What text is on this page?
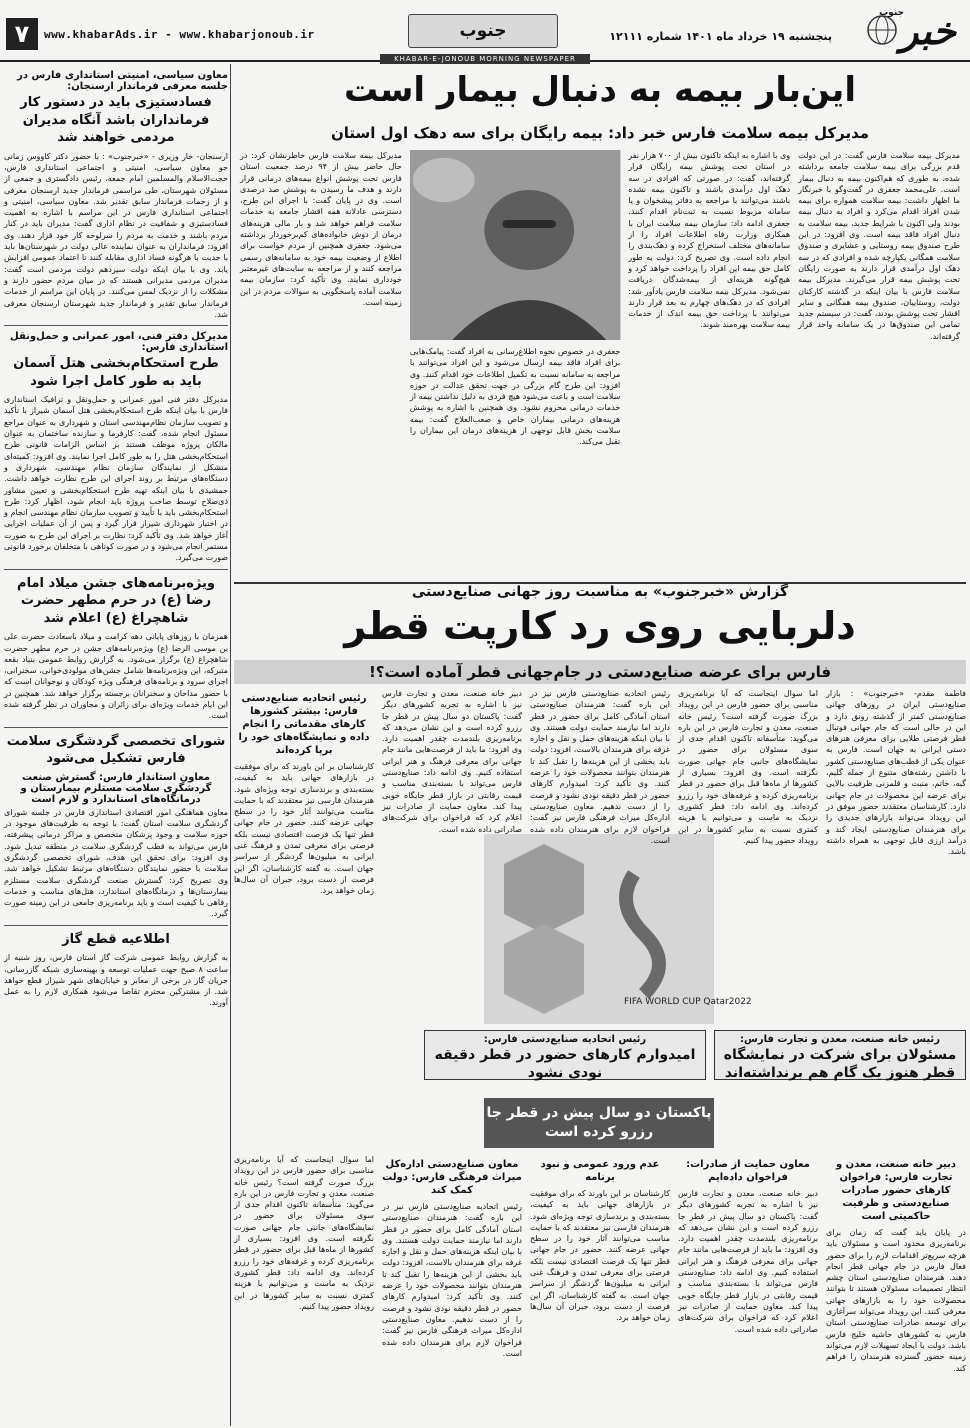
۷	www.khabarAds.ir - www.khabarjonoub.ir	جنوب
KHABAR-E-JONOUB MORNING NEWSPAPER
پنجشنبه ۱۹ خرداد ماه ۱۴۰۱ شماره ۱۲۱۱۱ خبر
جنوب
معاون سیاسی، امنیتی استانداری فارس در جلسه معرفی فرماندار ارسنجان:
فسادستیزی باید در دستور کار فرمانداران باشد آنگاه مدیران مردمی خواهند شد
ارسنجان- خار وزیری - «خبرجنوب» : با حضور دکتر کاووس زمانی جو معاون سیاسی، امنیتی و اجتماعی استانداری فارس، حجت‌الاسلام والمسلمین امام جمعه، رئیس دادگستری و جمعی از مسئولان شهرستان، طی مراسمی فرماندار جدید ارسنجان معرفی و از زحمات فرماندار سابق تقدیر شد. معاون سیاسی، امنیتی و اجتماعی استانداری فارس در این مراسم با اشاره به اهمیت فسادستیزی و شفافیت در نظام اداری گفت: مدیران باید در کنار مردم باشند و خدمت به مردم را سرلوحه کار خود قرار دهند. وی افزود: فرمانداران به عنوان نماینده عالی دولت در شهرستان‌ها باید با جدیت با هرگونه فساد اداری مقابله کنند تا اعتماد عمومی افزایش یابد. وی با بیان اینکه دولت سیزدهم دولت مردمی است گفت: مدیران مردمی مدیرانی هستند که در میان مردم حضور دارند و مشکلات را از نزدیک لمس می‌کنند. در پایان این مراسم از خدمات فرماندار سابق تقدیر و فرماندار جدید شهرستان ارسنجان معرفی شد.
مدیرکل دفتر فنی، امور عمرانی و حمل‌ونقل استانداری فارس:
طرح استحکام‌بخشی هتل آسمان باید به طور کامل اجرا شود
مدیرکل دفتر فنی امور عمرانی و حمل‌ونقل و ترافیک استانداری فارس با بیان اینکه طرح استحکام‌بخشی هتل آسمان شیراز با تأکید و تصویب سازمان نظام‌مهندسی استان و شهرداری به عنوان مراجع مسئول انجام شده، گفت: کارفرما و سازنده ساختمان به عنوان مالکان پروژه موظف هستند بر اساس الزامات قانونی طرح استحکام‌بخشی هتل را به طور کامل اجرا نمایند. وی افزود: کمیته‌ای متشکل از نمایندگان سازمان نظام مهندسی، شهرداری و دستگاه‌های مرتبط بر روند اجرای این طرح نظارت خواهد داشت. جمشیدی با بیان اینکه تهیه طرح استحکام‌بخشی و تعیین مشاور ذی‌صلاح توسط صاحب پروژه باید انجام شود، اظهار کرد: طرح استحکام‌بخشی باید با تأیید و تصویب سازمان نظام مهندسی انجام و در اختیار شهرداری شیراز قرار گیرد و پس از آن عملیات اجرایی آغاز خواهد شد. وی تأکید کرد: نظارت بر اجرای این طرح به صورت مستمر انجام می‌شود و در صورت کوتاهی با متخلفان برخورد قانونی صورت می‌گیرد.
ویژه‌برنامه‌های جشن میلاد امام رضا (ع) در حرم مطهر حضرت شاهچراغ (ع) اعلام شد
همزمان با روزهای پایانی دهه کرامت و میلاد باسعادت حضرت علی بن موسی الرضا (ع) ویژه‌برنامه‌های جشن در حرم مطهر حضرت شاهچراغ (ع) برگزار می‌شود. به گزارش روابط عمومی بنیاد بقعه متبرکه، این ویژه‌برنامه‌ها شامل جشن‌های مولودی‌خوانی، سخنرانی، اجرای سرود و برنامه‌های فرهنگی ویژه کودکان و نوجوانان است که با حضور مداحان و سخنرانان برجسته برگزار خواهد شد. همچنین در این ایام خدمات ویژه‌ای برای زائران و مجاوران در نظر گرفته شده است.
شورای تخصصی گردشگری سلامت فارس تشکیل می‌شود
معاون استاندار فارس: گسترش صنعت گردشگری سلامت مستلزم بیمارستان و درمانگاه‌های استاندارد و لازم است
معاون هماهنگی امور اقتصادی استانداری فارس در جلسه شورای گردشگری سلامت استان گفت: با توجه به ظرفیت‌های موجود در حوزه سلامت و وجود پزشکان متخصص و مراکز درمانی پیشرفته، فارس می‌تواند به قطب گردشگری سلامت در منطقه تبدیل شود. وی افزود: برای تحقق این هدف، شورای تخصصی گردشگری سلامت با حضور نمایندگان دستگاه‌های مرتبط تشکیل خواهد شد. وی تصریح کرد: گسترش صنعت گردشگری سلامت مستلزم بیمارستان‌ها و درمانگاه‌های استاندارد، هتل‌های مناسب و خدمات رفاهی با کیفیت است و باید برنامه‌ریزی جامعی در این زمینه صورت گیرد.
اطلاعیه قطع گاز
به گزارش روابط عمومی شرکت گاز استان فارس، روز شنبه از ساعت ۸ صبح جهت عملیات توسعه و بهینه‌سازی شبکه گازرسانی، جریان گاز در برخی از معابر و خیابان‌های شهر شیراز قطع خواهد شد. از مشترکین محترم تقاضا می‌شود همکاری لازم را به عمل آورند.
این‌بار بیمه به دنبال بیمار است
مدیرکل بیمه سلامت فارس خبر داد: بیمه رایگان برای سه دهک اول استان
مدیرکل بیمه سلامت فارس گفت: در این دولت قدم بزرگی برای بیمه سلامت جامعه برداشته شده، به طوری که هم‌اکنون بیمه به دنبال بیمار است. علی‌محمد جعفری در گفت‌وگو با خبرنگار ما اظهار داشت: بیمه سلامت همواره برای بیمه شدن افراد اقدام می‌کرد و افراد به دنبال بیمه بودند ولی اکنون با شرایط جدید، بیمه سلامت به دنبال افراد فاقد بیمه است. وی افزود: در این طرح صندوق بیمه روستایی و عشایری و صندوق سلامت همگانی یکپارچه شده و افرادی که در سه دهک اول درآمدی قرار دارند به صورت رایگان تحت پوشش بیمه قرار می‌گیرند. مدیرکل بیمه سلامت فارس با بیان اینکه در گذشته کارکنان دولت، روستاییان، صندوق بیمه همگانی و سایر اقشار تحت پوشش بودند، گفت: در سیستم جدید تمامی این صندوق‌ها در یک سامانه واحد قرار گرفته‌اند.
وی با اشاره به اینکه تاکنون بیش از ۷۰۰ هزار نفر در استان تحت پوشش بیمه رایگان قرار گرفته‌اند، گفت: در صورتی که افرادی در سه دهک اول درآمدی باشند و تاکنون بیمه نشده باشند می‌توانند با مراجعه به دفاتر پیشخوان و یا سامانه مربوط نسبت به ثبت‌نام اقدام کنند. جعفری ادامه داد: سازمان بیمه سلامت ایران با همکاری وزارت رفاه اطلاعات افراد را از سامانه‌های مختلف استخراج کرده و دهک‌بندی را انجام داده است. وی تصریح کرد: دولت به طور کامل حق بیمه این افراد را پرداخت خواهد کرد و هیچ‌گونه هزینه‌ای از بیمه‌شدگان دریافت نمی‌شود. مدیرکل بیمه سلامت فارس یادآور شد: افرادی که در دهک‌های چهارم به بعد قرار دارند می‌توانند با پرداخت حق بیمه اندک از خدمات بیمه سلامت بهره‌مند شوند.
جعفری در خصوص نحوه اطلاع‌رسانی به افراد گفت: پیامک‌هایی برای افراد فاقد بیمه ارسال می‌شود و این افراد می‌توانند با مراجعه به سامانه نسبت به تکمیل اطلاعات خود اقدام کنند. وی افزود: این طرح گام بزرگی در جهت تحقق عدالت در حوزه سلامت است و باعث می‌شود هیچ فردی به دلیل نداشتن بیمه از خدمات درمانی محروم نشود. وی همچنین با اشاره به پوشش هزینه‌های درمانی بیماران خاص و صعب‌العلاج گفت: بیمه سلامت بخش قابل توجهی از هزینه‌های درمان این بیماران را تقبل می‌کند.
مدیرکل بیمه سلامت فارس خاطرنشان کرد: در حال حاضر بیش از ۹۴ درصد جمعیت استان فارس تحت پوشش انواع بیمه‌های درمانی قرار دارند و هدف ما رسیدن به پوشش صد درصدی است. وی در پایان گفت: با اجرای این طرح، دسترسی عادلانه همه اقشار جامعه به خدمات سلامت فراهم خواهد شد و بار مالی هزینه‌های درمان از دوش خانواده‌های کم‌برخوردار برداشته می‌شود. جعفری همچنین از مردم خواست برای اطلاع از وضعیت بیمه خود به سامانه‌های رسمی مراجعه کنند و از مراجعه به سایت‌های غیرمعتبر خودداری نمایند. وی تأکید کرد: سازمان بیمه سلامت آماده پاسخگویی به سوالات مردم در این زمینه است.
گزارش «خبرجنوب» به مناسبت روز جهانی صنایع‌دستی
دلربایی روی رد کارپت قطر
فارس برای عرضه صنایع‌دستی در جام‌جهانی قطر آماده است؟!
FIFA WORLD CUP Qatar2022
رئیس خانه صنعت، معدن و تجارت فارس:
مسئولان برای شرکت در نمایشگاه قطر هنوز یک گام هم برنداشته‌اند
رئیس اتحادیه صنایع‌دستی فارس:
امیدوارم کارهای حضور در قطر دقیقه نودی نشود
پاکستان دو سال پیش در قطر جا رزرو کرده است
فاطمه مقدم- «خبرجنوب» : بازار صنایع‌دستی ایران در روزهای جهانی صنایع‌دستی کمتر از گذشته رونق دارد و این در حالی است که جام جهانی فوتبال قطر فرصتی طلایی برای معرفی هنرهای دستی ایرانی به جهان است. فارس به عنوان یکی از قطب‌های صنایع‌دستی کشور با داشتن رشته‌های متنوع از جمله گلیم، گبه، خاتم، منبت و قلمزنی ظرفیت بالایی برای عرضه این محصولات در جام جهانی دارد. کارشناسان معتقدند حضور موفق در این رویداد می‌تواند بازارهای جدیدی را برای هنرمندان صنایع‌دستی ایجاد کند و درآمد ارزی قابل توجهی به همراه داشته باشد.
اما سوال اینجاست که آیا برنامه‌ریزی مناسبی برای حضور فارس در این رویداد بزرگ صورت گرفته است؟ رئیس خانه صنعت، معدن و تجارت فارس در این باره می‌گوید: متأسفانه تاکنون اقدام جدی از سوی مسئولان برای حضور در نمایشگاه‌های جانبی جام جهانی صورت نگرفته است. وی افزود: بسیاری از کشورها از ماه‌ها قبل برای حضور در قطر برنامه‌ریزی کرده و غرفه‌های خود را رزرو کرده‌اند. وی ادامه داد: قطر کشوری نزدیک به ماست و می‌توانیم با هزینه کمتری نسبت به سایر کشورها در این رویداد حضور پیدا کنیم.
رئیس اتحادیه صنایع‌دستی فارس نیز در این باره گفت: هنرمندان صنایع‌دستی استان آمادگی کامل برای حضور در قطر دارند اما نیازمند حمایت دولت هستند. وی با بیان اینکه هزینه‌های حمل و نقل و اجاره غرفه برای هنرمندان بالاست، افزود: دولت باید بخشی از این هزینه‌ها را تقبل کند تا هنرمندان بتوانند محصولات خود را عرضه کنند. وی تأکید کرد: امیدوارم کارهای حضور در قطر دقیقه نودی نشود و فرصت را از دست ندهیم. معاون صنایع‌دستی اداره‌کل میراث فرهنگی فارس نیز گفت: فراخوان لازم برای هنرمندان داده شده است.
دبیر خانه صنعت، معدن و تجارت فارس نیز با اشاره به تجربه کشورهای دیگر گفت: پاکستان دو سال پیش در قطر جا رزرو کرده است و این نشان می‌دهد که برنامه‌ریزی بلندمدت چقدر اهمیت دارد. وی افزود: ما باید از فرصت‌هایی مانند جام جهانی برای معرفی فرهنگ و هنر ایرانی استفاده کنیم. وی ادامه داد: صنایع‌دستی فارس می‌تواند با بسته‌بندی مناسب و قیمت رقابتی در بازار قطر جایگاه خوبی پیدا کند. معاون حمایت از صادرات نیز اعلام کرد که فراخوان برای شرکت‌های صادراتی داده شده است.
رئیس اتحادیه صنایع‌دستی فارس: بیشتر کشورها کارهای مقدماتی را انجام داده و نمایشگاه‌های خود را برپا کرده‌اند
کارشناسان بر این باورند که برای موفقیت در بازارهای جهانی باید به کیفیت، بسته‌بندی و برندسازی توجه ویژه‌ای شود. هنرمندان فارسی نیز معتقدند که با حمایت مناسب می‌توانند آثار خود را در سطح جهانی عرضه کنند. حضور در جام جهانی قطر تنها یک فرصت اقتصادی نیست بلکه فرصتی برای معرفی تمدن و فرهنگ غنی ایرانی به میلیون‌ها گردشگر از سراسر جهان است. به گفته کارشناسان، اگر این فرصت از دست برود، جبران آن سال‌ها زمان خواهد برد.
دبیر خانه صنعت، معدن و تجارت فارس: فراخوان کارهای حضور صادرات صنایع‌دستی و ظرفیت حاکمیتی است
در پایان باید گفت که زمان برای برنامه‌ریزی محدود است و مسئولان باید هرچه سریع‌تر اقدامات لازم را برای حضور فعال فارس در جام جهانی قطر انجام دهند. هنرمندان صنایع‌دستی استان چشم انتظار تصمیمات مسئولان هستند تا بتوانند محصولات خود را به بازارهای جهانی معرفی کنند. این رویداد می‌تواند سرآغازی برای توسعه صادرات صنایع‌دستی استان فارس به کشورهای حاشیه خلیج فارس باشد. دولت با ایجاد تسهیلات لازم می‌تواند زمینه حضور گسترده هنرمندان را فراهم کند.
معاون حمایت از صادرات: فراخوان داده‌ایم
دبیر خانه صنعت، معدن و تجارت فارس نیز با اشاره به تجربه کشورهای دیگر گفت: پاکستان دو سال پیش در قطر جا رزرو کرده است و این نشان می‌دهد که برنامه‌ریزی بلندمدت چقدر اهمیت دارد. وی افزود: ما باید از فرصت‌هایی مانند جام جهانی برای معرفی فرهنگ و هنر ایرانی استفاده کنیم. وی ادامه داد: صنایع‌دستی فارس می‌تواند با بسته‌بندی مناسب و قیمت رقابتی در بازار قطر جایگاه خوبی پیدا کند. معاون حمایت از صادرات نیز اعلام کرد که فراخوان برای شرکت‌های صادراتی داده شده است.
عدم ورود عمومی و نبود برنامه
کارشناسان بر این باورند که برای موفقیت در بازارهای جهانی باید به کیفیت، بسته‌بندی و برندسازی توجه ویژه‌ای شود. هنرمندان فارسی نیز معتقدند که با حمایت مناسب می‌توانند آثار خود را در سطح جهانی عرضه کنند. حضور در جام جهانی قطر تنها یک فرصت اقتصادی نیست بلکه فرصتی برای معرفی تمدن و فرهنگ غنی ایرانی به میلیون‌ها گردشگر از سراسر جهان است. به گفته کارشناسان، اگر این فرصت از دست برود، جبران آن سال‌ها زمان خواهد برد.
معاون صنایع‌دستی اداره‌کل میراث فرهنگی فارس: دولت کمک کند
رئیس اتحادیه صنایع‌دستی فارس نیز در این باره گفت: هنرمندان صنایع‌دستی استان آمادگی کامل برای حضور در قطر دارند اما نیازمند حمایت دولت هستند. وی با بیان اینکه هزینه‌های حمل و نقل و اجاره غرفه برای هنرمندان بالاست، افزود: دولت باید بخشی از این هزینه‌ها را تقبل کند تا هنرمندان بتوانند محصولات خود را عرضه کنند. وی تأکید کرد: امیدوارم کارهای حضور در قطر دقیقه نودی نشود و فرصت را از دست ندهیم. معاون صنایع‌دستی اداره‌کل میراث فرهنگی فارس نیز گفت: فراخوان لازم برای هنرمندان داده شده است.
اما سوال اینجاست که آیا برنامه‌ریزی مناسبی برای حضور فارس در این رویداد بزرگ صورت گرفته است؟ رئیس خانه صنعت، معدن و تجارت فارس در این باره می‌گوید: متأسفانه تاکنون اقدام جدی از سوی مسئولان برای حضور در نمایشگاه‌های جانبی جام جهانی صورت نگرفته است. وی افزود: بسیاری از کشورها از ماه‌ها قبل برای حضور در قطر برنامه‌ریزی کرده و غرفه‌های خود را رزرو کرده‌اند. وی ادامه داد: قطر کشوری نزدیک به ماست و می‌توانیم با هزینه کمتری نسبت به سایر کشورها در این رویداد حضور پیدا کنیم.
